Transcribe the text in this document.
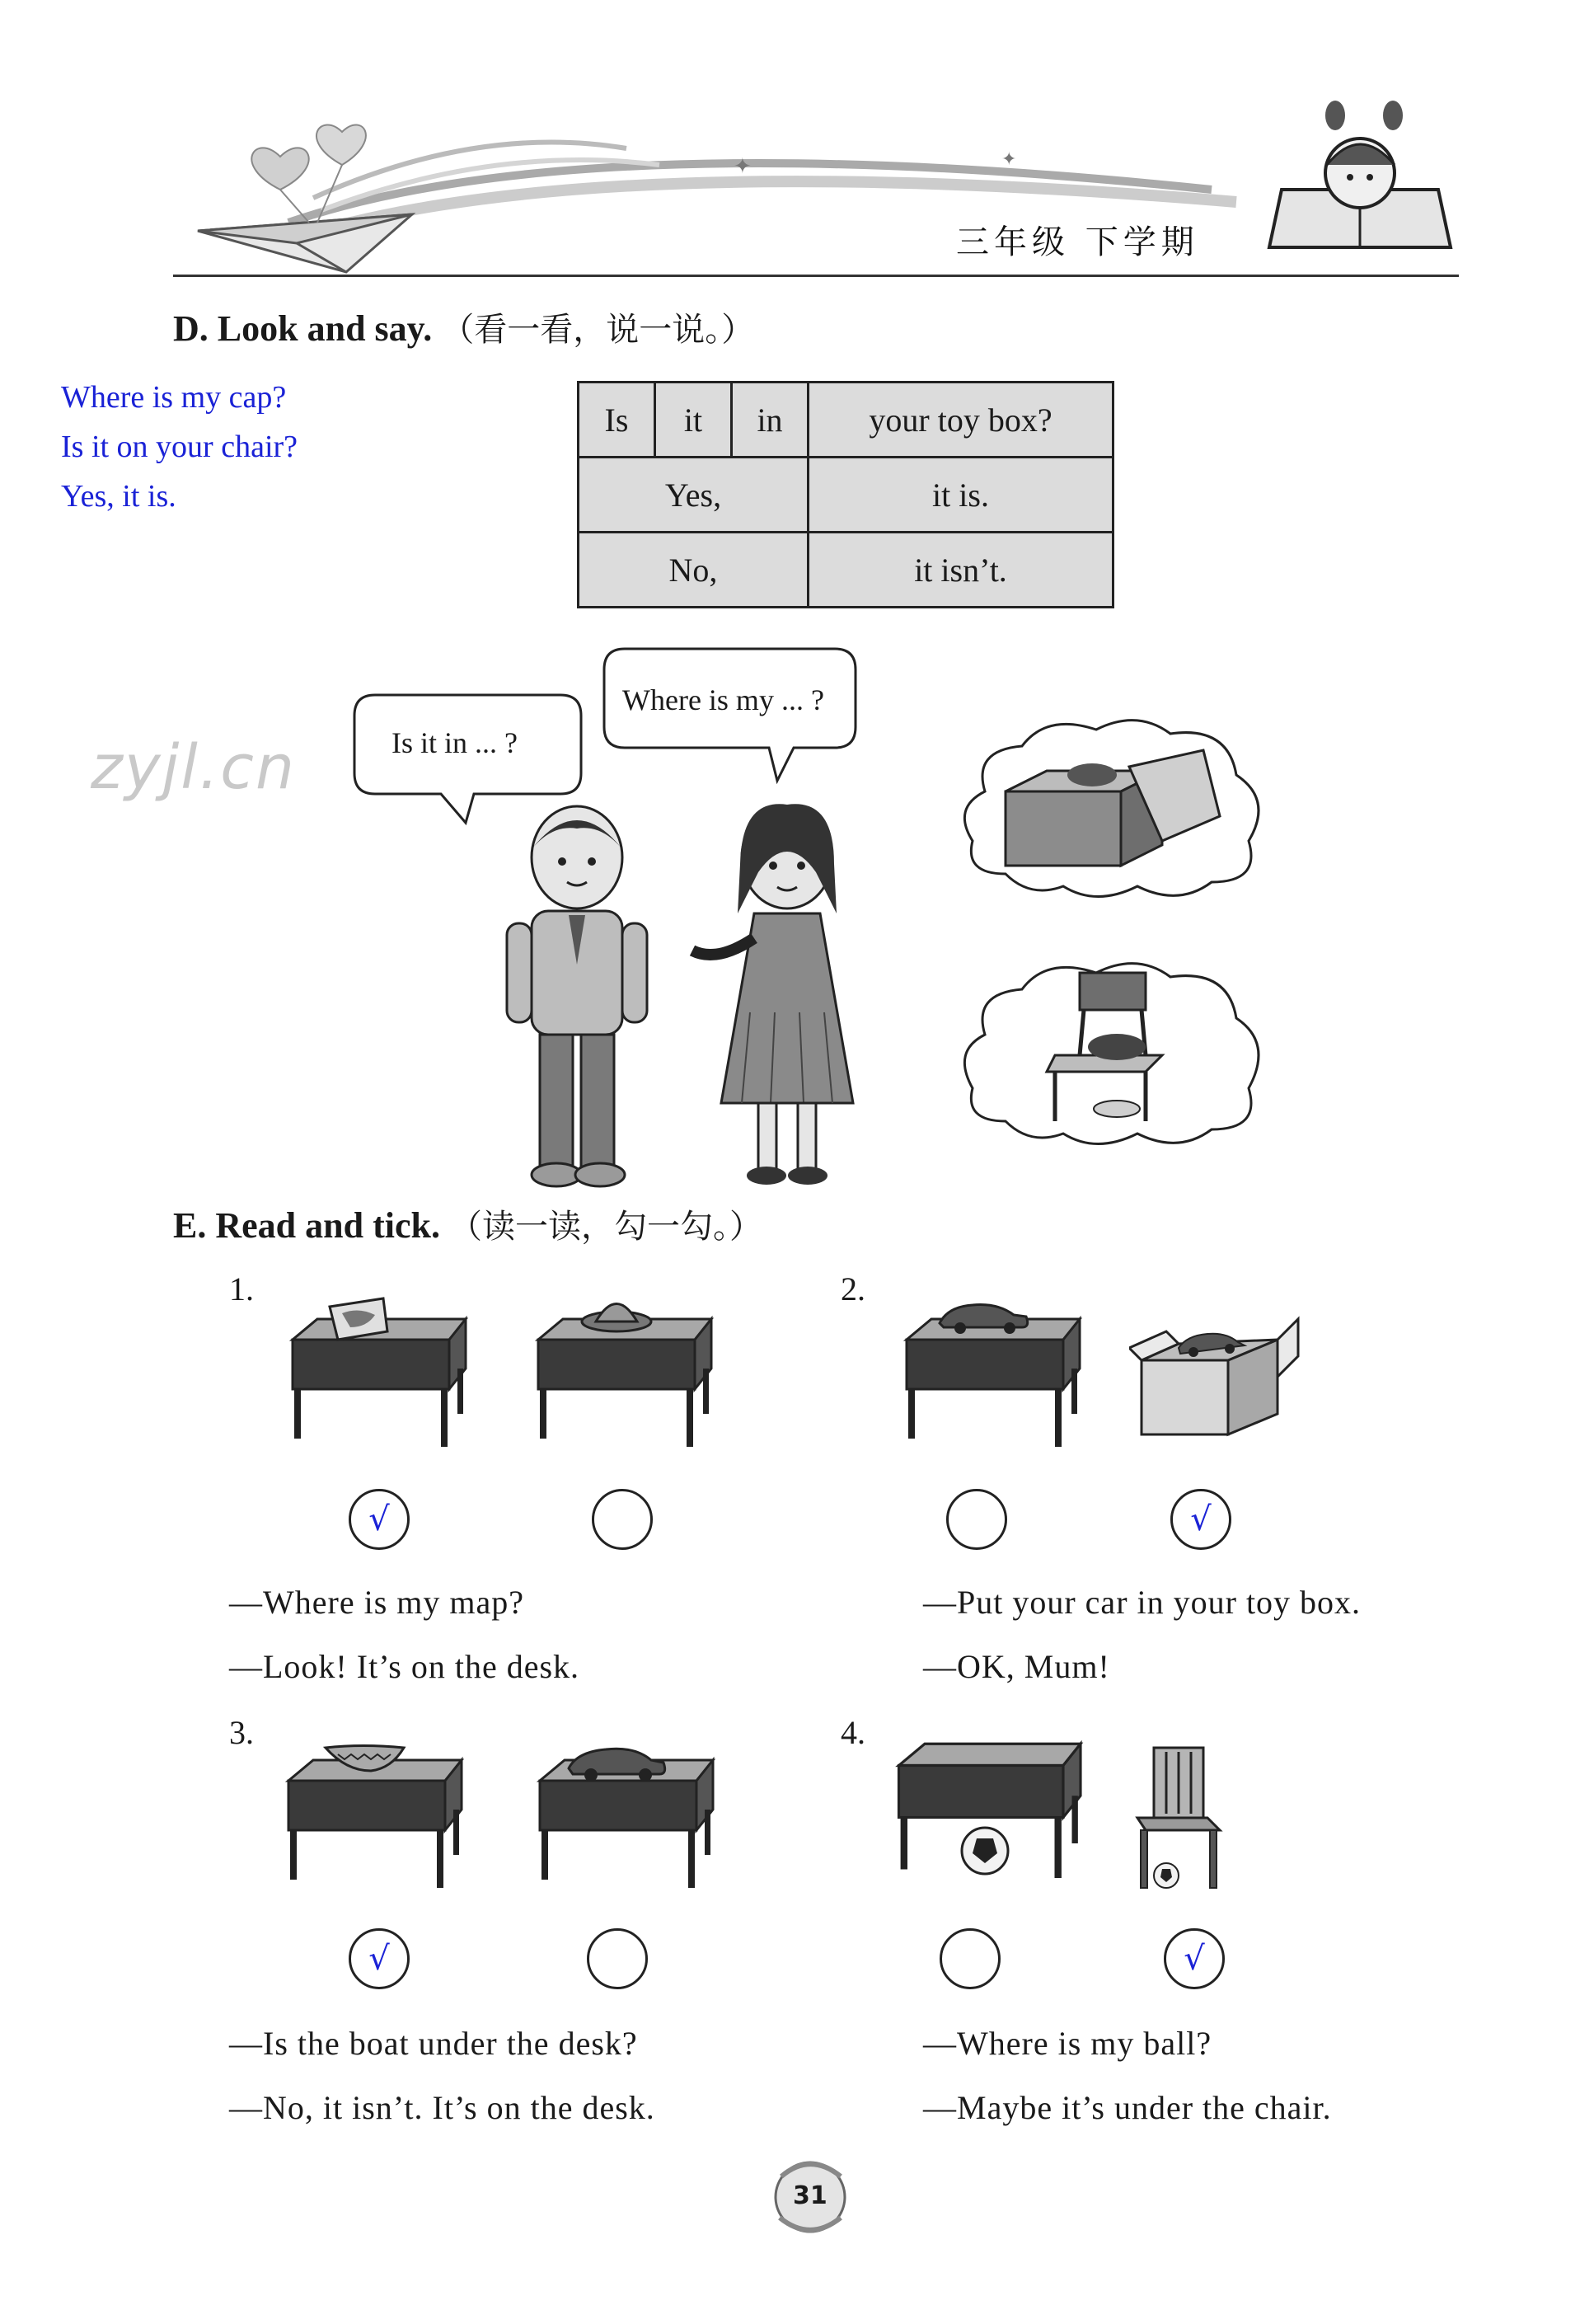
✦	✦
三年级 下学期
D. Look and say. （看一看，说一说。）
Where is my cap?
Is it on your chair?
Yes, it is.
Is	it	in	your toy box?
Yes,			it is.
No,			it isn’t.
zyjl.cn	Is it in ... ?
Where is my ... ?
E. Read and tick. （读一读，勾一勾。）
1.
√
—Where is my map?
—Look! It’s on the desk.
2.
√
—Put your car in your toy box.
—OK, Mum!
3.
√
—Is the boat under the desk?
—No, it isn’t. It’s on the desk.
4.
√
—Where is my ball?
—Maybe it’s under the chair.
31
